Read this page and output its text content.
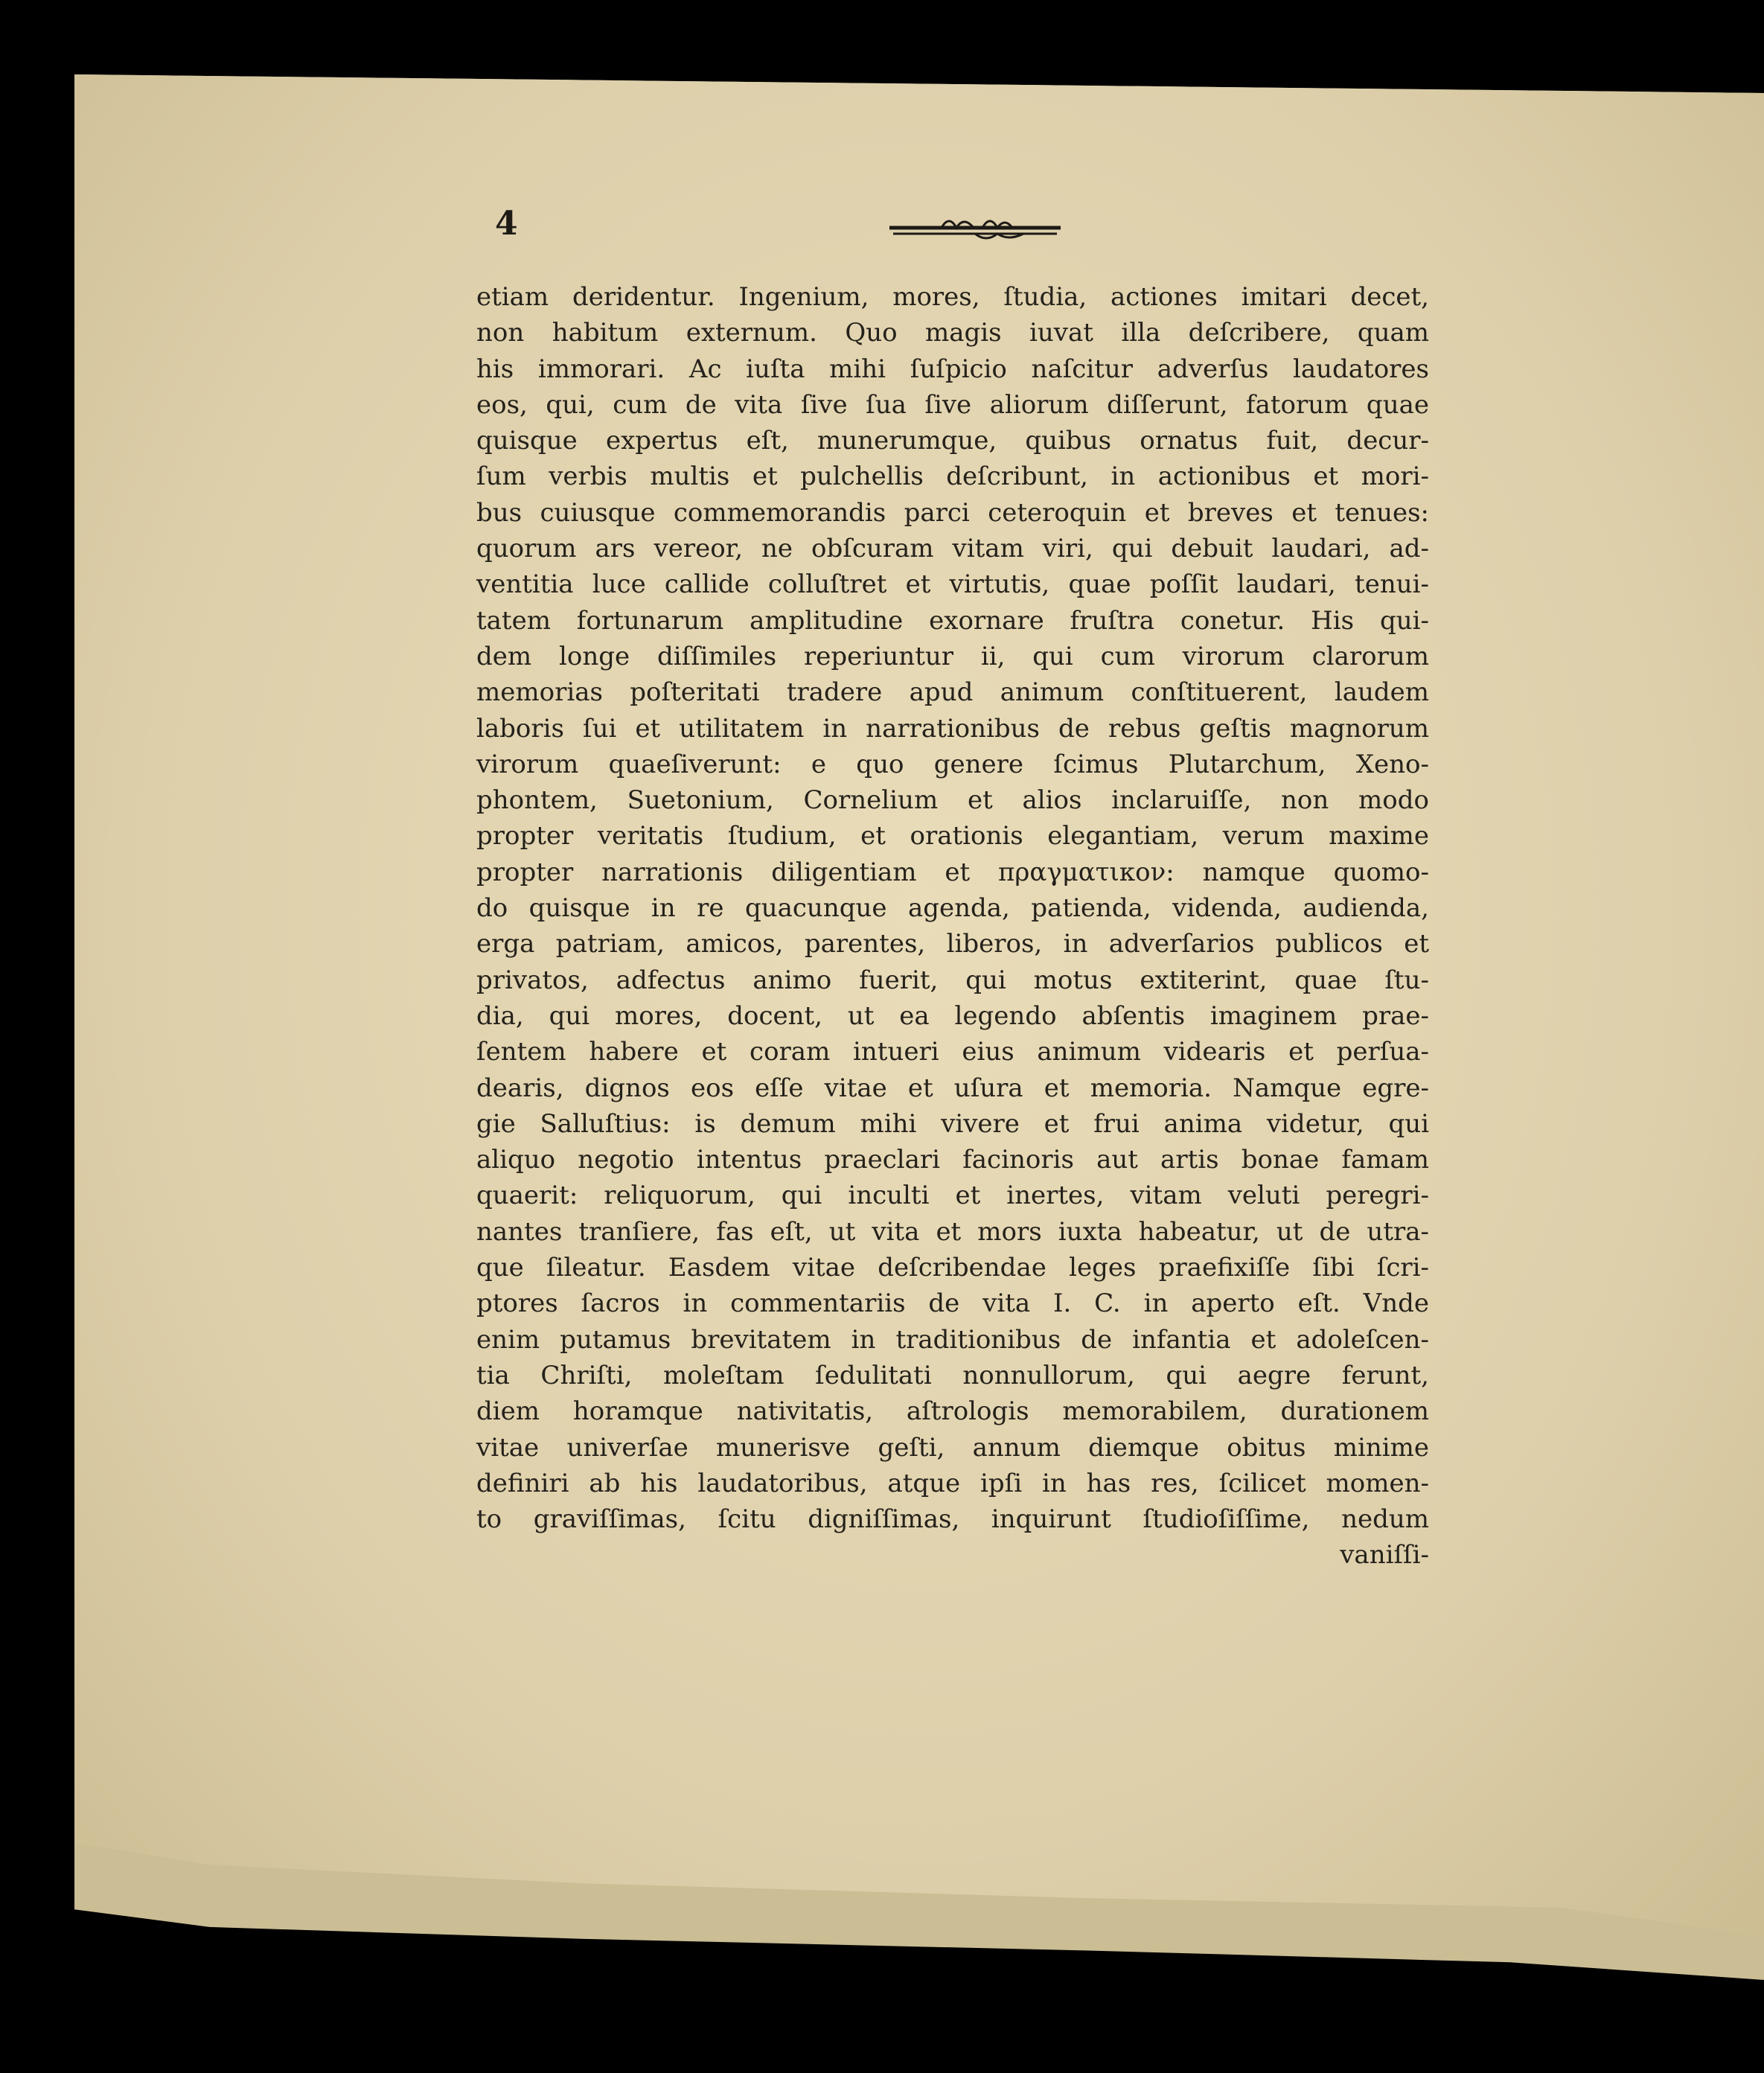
4
etiam deridentur. Ingenium, mores, ſtudia, actiones imitari decet,
non habitum externum. Quo magis iuvat illa deſcribere, quam
his immorari. Ac iuſta mihi ſuſpicio naſcitur adverſus laudatores
eos, qui, cum de vita ſive ſua ſive aliorum diſſerunt, fatorum quae
quisque expertus eſt, munerumque, quibus ornatus fuit, decur-
ſum verbis multis et pulchellis deſcribunt, in actionibus et mori-
bus cuiusque commemorandis parci ceteroquin et breves et tenues:
quorum ars vereor, ne obſcuram vitam viri, qui debuit laudari, ad-
ventitia luce callide colluſtret et virtutis, quae poſſit laudari, tenui-
tatem fortunarum amplitudine exornare fruſtra conetur. His qui-
dem longe diſſimiles reperiuntur ii, qui cum virorum clarorum
memorias poſteritati tradere apud animum conſtituerent, laudem
laboris ſui et utilitatem in narrationibus de rebus geſtis magnorum
virorum quaeſiverunt: e quo genere ſcimus Plutarchum, Xeno-
phontem, Suetonium, Cornelium et alios inclaruiſſe, non modo
propter veritatis ſtudium, et orationis elegantiam, verum maxime
propter narrationis diligentiam et πραγματικον: namque quomo-
do quisque in re quacunque agenda, patienda, videnda, audienda,
erga patriam, amicos, parentes, liberos, in adverſarios publicos et
privatos, adfectus animo fuerit, qui motus extiterint, quae ſtu-
dia, qui mores, docent, ut ea legendo abſentis imaginem prae-
ſentem habere et coram intueri eius animum videaris et perſua-
dearis, dignos eos eſſe vitae et uſura et memoria. Namque egre-
gie Salluſtius: is demum mihi vivere et frui anima videtur, qui
aliquo negotio intentus praeclari facinoris aut artis bonae famam
quaerit: reliquorum, qui inculti et inertes, vitam veluti peregri-
nantes tranſiere, fas eſt, ut vita et mors iuxta habeatur, ut de utra-
que ſileatur. Easdem vitae deſcribendae leges praefixiſſe ſibi ſcri-
ptores ſacros in commentariis de vita I. C. in aperto eſt. Vnde
enim putamus brevitatem in traditionibus de infantia et adoleſcen-
tia Chriſti, moleſtam ſedulitati nonnullorum, qui aegre ferunt,
diem horamque nativitatis, aſtrologis memorabilem, durationem
vitae univerſae munerisve geſti, annum diemque obitus minime
definiri ab his laudatoribus, atque ipſi in has res, ſcilicet momen-
to graviſſimas, ſcitu digniſſimas, inquirunt ſtudioſiſſime, nedum
vaniſſi-
